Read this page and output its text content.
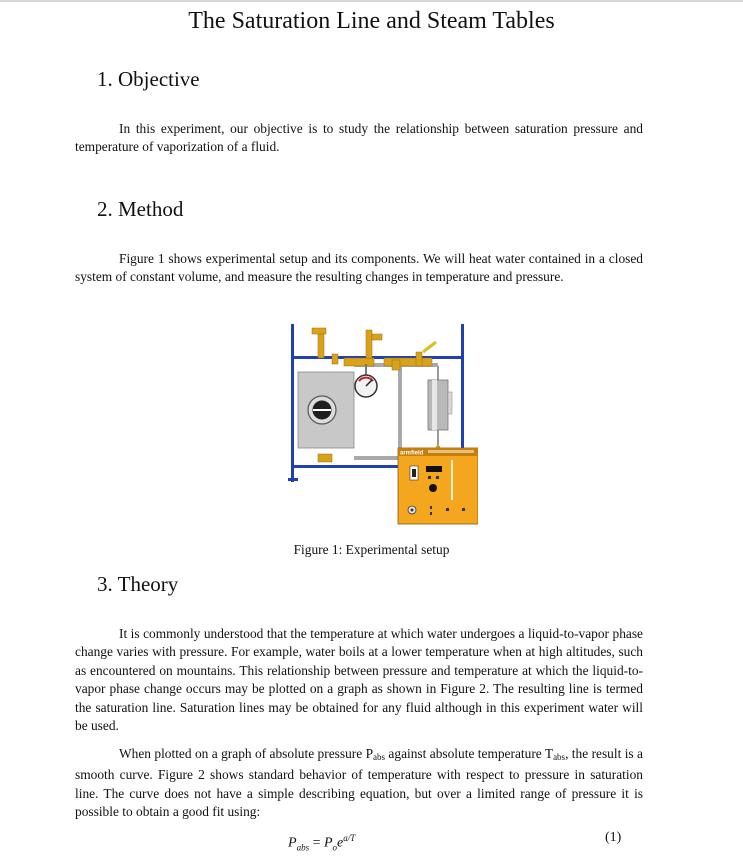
The Saturation Line and Steam Tables
1. Objective

In this experiment, our objective is to study the relationship between saturation pressure and temperature of vaporization of a fluid.

2. Method

Figure 1 shows experimental setup and its components. We will heat water contained in a closed system of constant volume, and measure the resulting changes in temperature and pressure.

armfield
Figure 1: Experimental setup
3. Theory

It is commonly understood that the temperature at which water undergoes a liquid-to-vapor phase change varies with pressure. For example, water boils at a lower temperature when at high altitudes, such as encountered on mountains. This relationship between pressure and temperature at which the liquid-to-vapor phase change occurs may be plotted on a graph as shown in Figure 2. The resulting line is termed the saturation line. Saturation lines may be obtained for any fluid although in this experiment water will be used.

When plotted on a graph of absolute pressure Pabs against absolute temperature Tabs, the result is a smooth curve. Figure 2 shows standard behavior of temperature with respect to pressure in saturation line. The curve does not have a simple describing equation, but over a limited range of pressure it is possible to obtain a good fit using:

$P_{abs} = P_oe^{a/T}$	(1)
